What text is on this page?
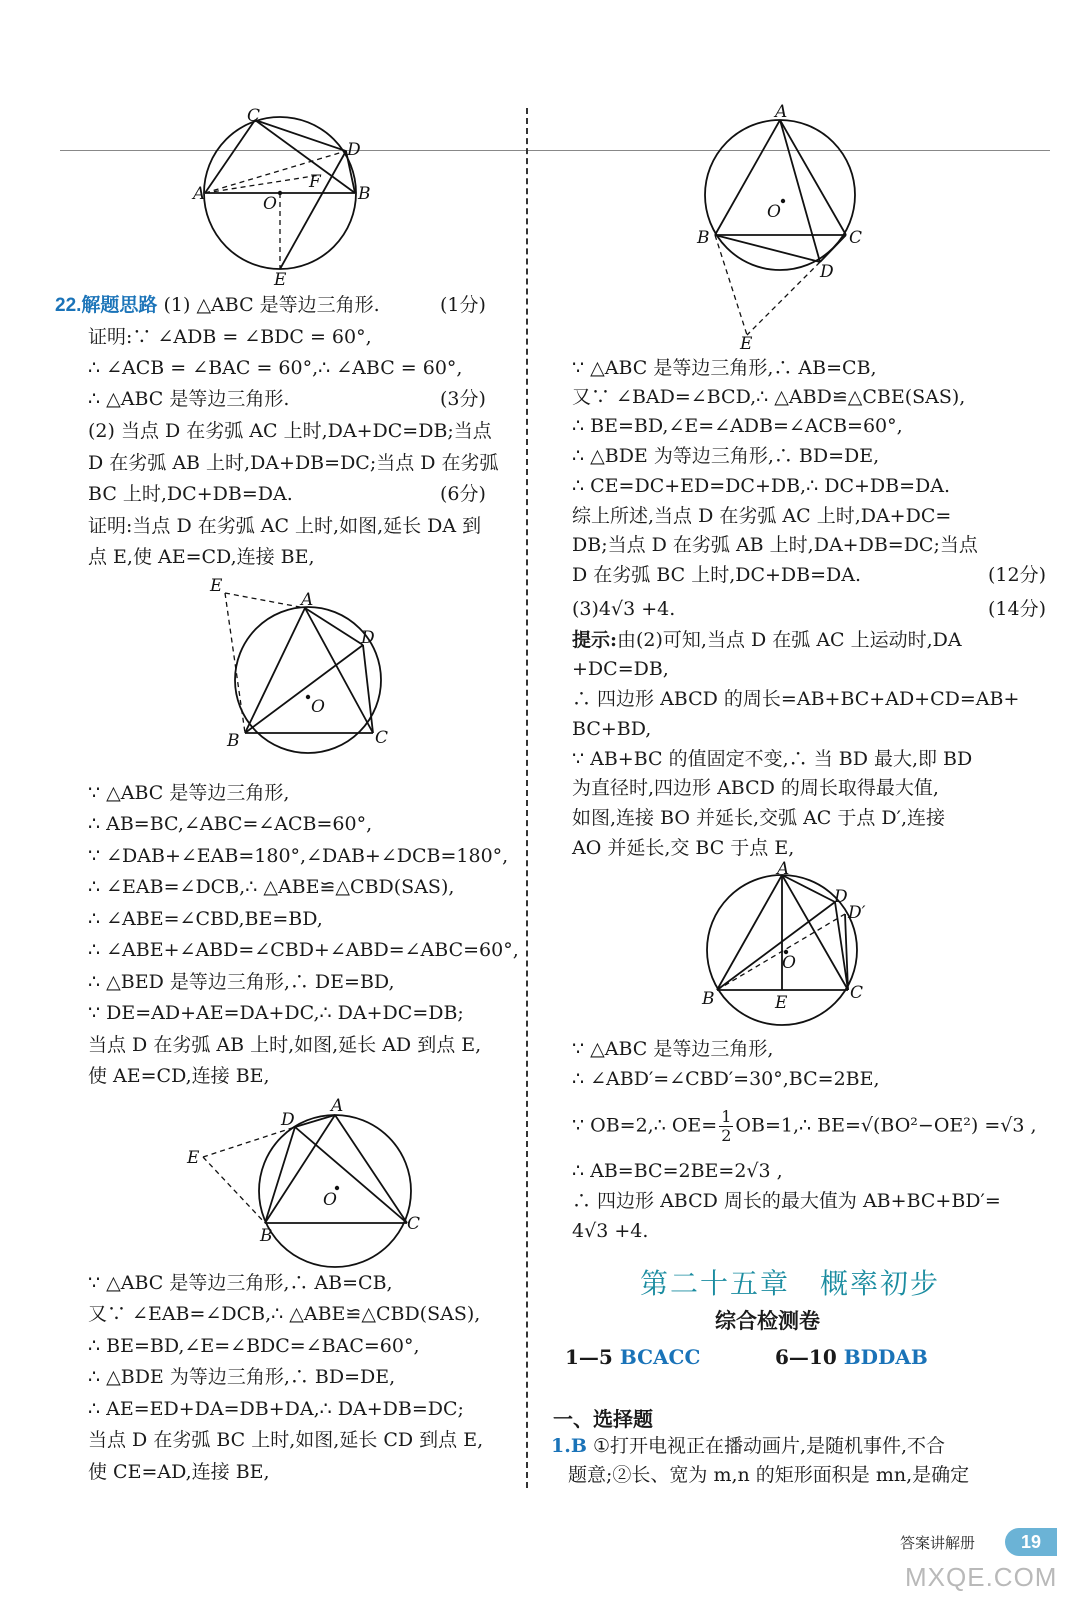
C
D
A	O
F
B
E
22.解题思路 (1) △ABC 是等边三角形.	(1分)
证明:∵ ∠ADB = ∠BDC = 60°,
∴ ∠ACB = ∠BAC = 60°,∴ ∠ABC = 60°,
∴ △ABC 是等边三角形.	(3分)
(2) 当点 D 在劣弧 AC 上时,DA+DC=DB;当点
D 在劣弧 AB 上时,DA+DB=DC;当点 D 在劣弧
BC 上时,DC+DB=DA.	(6分)
证明:当点 D 在劣弧 AC 上时,如图,延长 DA 到
点 E,使 AE=CD,连接 BE,
E
A
D
O
B	C
∵ △ABC 是等边三角形,
∴ AB=BC,∠ABC=∠ACB=60°,
∵ ∠DAB+∠EAB=180°,∠DAB+∠DCB=180°,
∴ ∠EAB=∠DCB,∴ △ABE≌△CBD(SAS),
∴ ∠ABE=∠CBD,BE=BD,
∴ ∠ABE+∠ABD=∠CBD+∠ABD=∠ABC=60°,
∴ △BED 是等边三角形,∴ DE=BD,
∵ DE=AD+AE=DA+DC,∴ DA+DC=DB;
当点 D 在劣弧 AB 上时,如图,延长 AD 到点 E,
使 AE=CD,连接 BE,
D
A
E
O
B
C
∵ △ABC 是等边三角形,∴ AB=CB,
又∵ ∠EAB=∠DCB,∴ △ABE≌△CBD(SAS),
∴ BE=BD,∠E=∠BDC=∠BAC=60°,
∴ △BDE 为等边三角形,∴ BD=DE,
∴ AE=ED+DA=DB+DA,∴ DA+DB=DC;
当点 D 在劣弧 BC 上时,如图,延长 CD 到点 E,
使 CE=AD,连接 BE,
A
O
B	C
D
E
∵ △ABC 是等边三角形,∴ AB=CB,
又∵ ∠BAD=∠BCD,∴ △ABD≌△CBE(SAS),
∴ BE=BD,∠E=∠ADB=∠ACB=60°,
∴ △BDE 为等边三角形,∴ BD=DE,
∴ CE=DC+ED=DC+DB,∴ DC+DB=DA.
综上所述,当点 D 在劣弧 AC 上时,DA+DC=
DB;当点 D 在劣弧 AB 上时,DA+DB=DC;当点
D 在劣弧 BC 上时,DC+DB=DA.	(12分)
(3)4√3 +4.	(14分)
提示:由(2)可知,当点 D 在弧 AC 上运动时,DA
+DC=DB,
∴ 四边形 ABCD 的周长=AB+BC+AD+CD=AB+
BC+BD,
∵ AB+BC 的值固定不变,∴ 当 BD 最大,即 BD
为直径时,四边形 ABCD 的周长取得最大值,
如图,连接 BO 并延长,交弧 AC 于点 D′,连接
AO 并延长,交 BC 于点 E,
A
D
D′
O
B	E	C
∵ △ABC 是等边三角形,
∴ ∠ABD′=∠CBD′=30°,BC=2BE,
∵ OB=2,∴ $OE= \frac{1}{2}$ OB=1,∴ BE=√(BO²−OE²) =√3 ,
∴ AB=BC=2BE=2√3 ,
∴ 四边形 ABCD 周长的最大值为 AB+BC+BD′=
4√3 +4.
第二十五章　概率初步
综合检测卷
1—5 BCACC	6—10 BDDAB
一、选择题
1.B ①打开电视正在播动画片,是随机事件,不合
题意;②长、宽为 m,n 的矩形面积是 mn,是确定
答案讲解册	19
MXQE.COM
